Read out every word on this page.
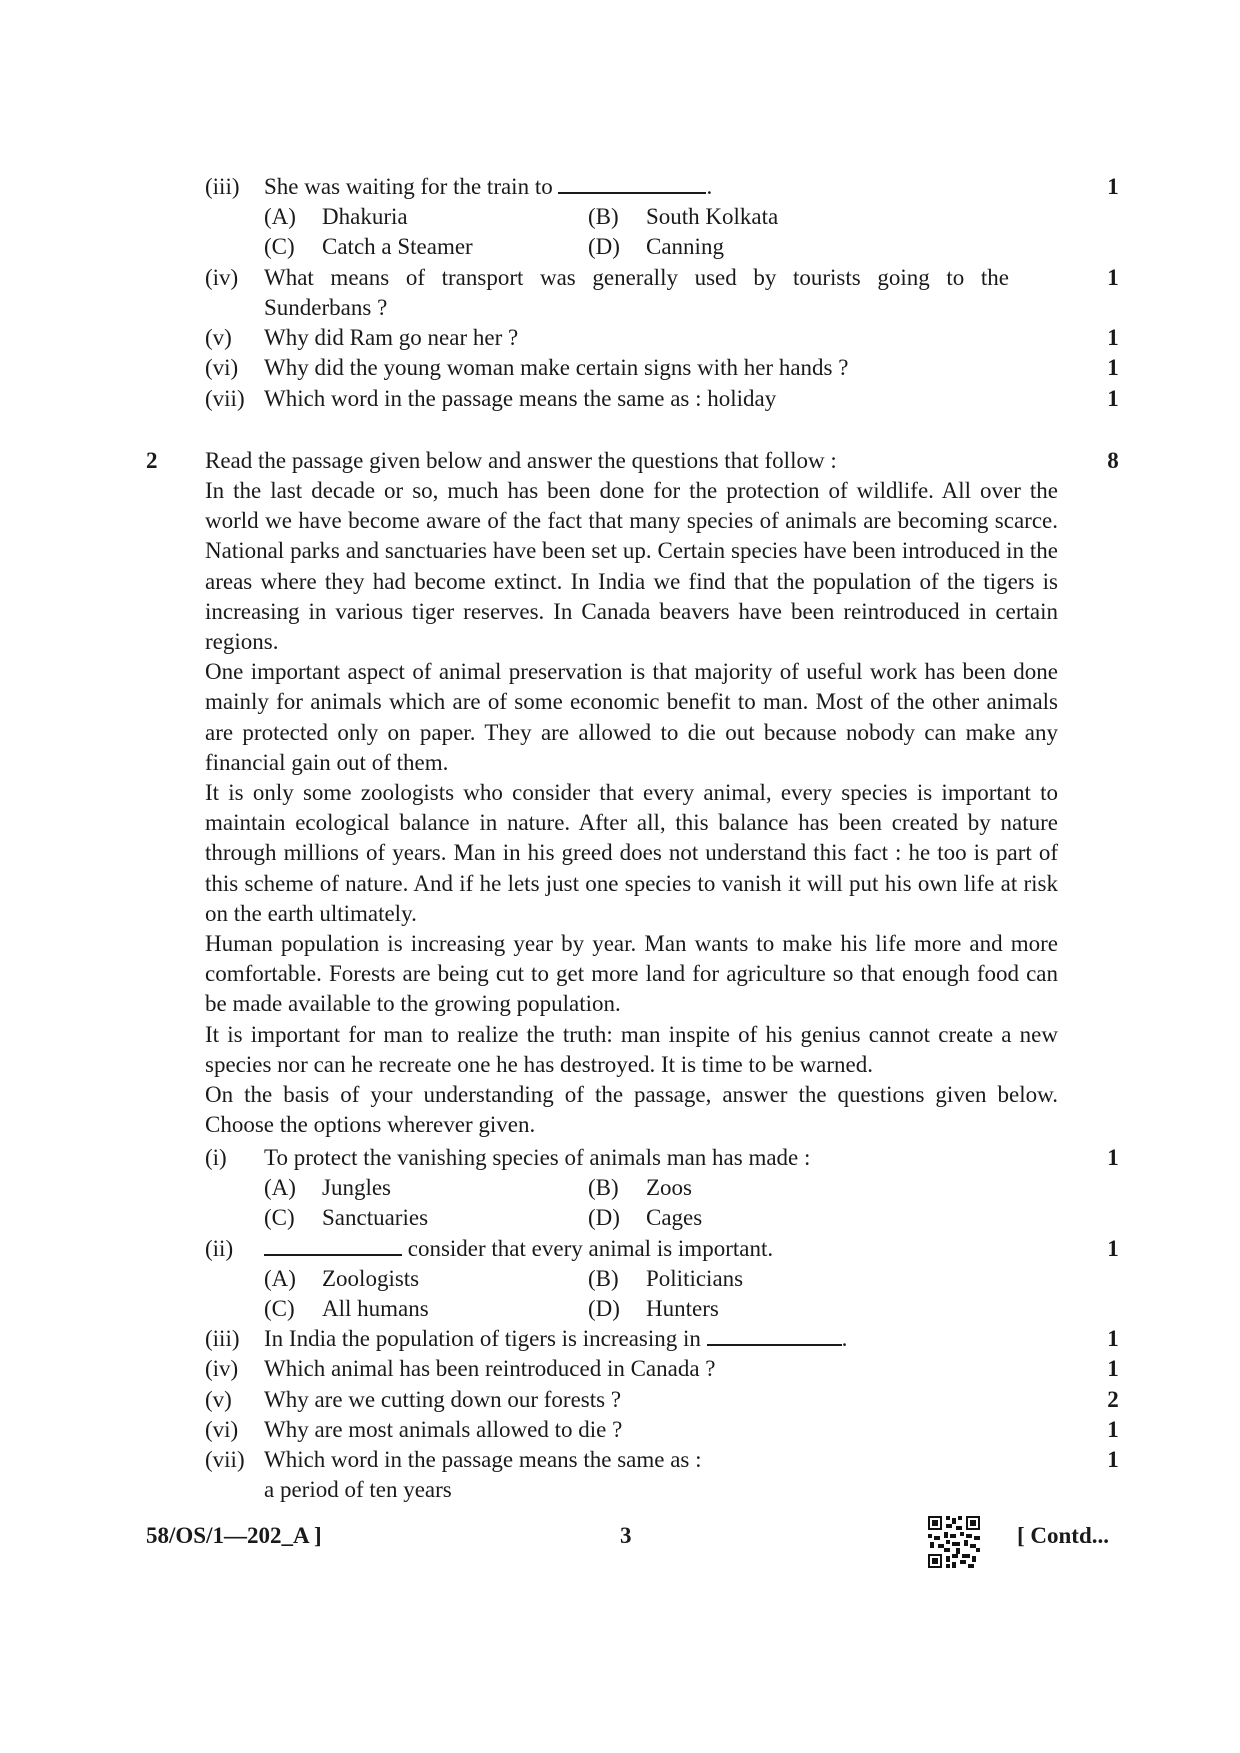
(iii) She was waiting for the train to	.	1
(A) Dhakuria	(B) South Kolkata
(C) Catch a Steamer	(D) Canning
(iv) What means of transport was generally used by tourists going to the
Sunderbans ?
1
(v) Why did Ram go near her ?	1
(vi) Why did the young woman make certain signs with her hands ?	1
(vii) Which word in the passage means the same as : holiday	1
2 Read the passage given below and answer the questions that follow :	8

In the last decade or so, much has been done for the protection of wildlife. All over the world we have become aware of the fact that many species of animals are becoming scarce. National parks and sanctuaries have been set up. Certain species have been introduced in the areas where they had become extinct. In India we find that the population of the tigers is increasing in various tiger reserves. In Canada beavers have been reintroduced in certain regions.

One important aspect of animal preservation is that majority of useful work has been done mainly for animals which are of some economic benefit to man. Most of the other animals are protected only on paper. They are allowed to die out because nobody can make any financial gain out of them.

It is only some zoologists who consider that every animal, every species is important to maintain ecological balance in nature. After all, this balance has been created by nature through millions of years. Man in his greed does not understand this fact : he too is part of this scheme of nature. And if he lets just one species to vanish it will put his own life at risk on the earth ultimately.

Human population is increasing year by year. Man wants to make his life more and more comfortable. Forests are being cut to get more land for agriculture so that enough food can be made available to the growing population.

It is important for man to realize the truth: man inspite of his genius cannot create a new species nor can he recreate one he has destroyed. It is time to be warned.

On the basis of your understanding of the passage, answer the questions given below. Choose the options wherever given.

(i) To protect the vanishing species of animals man has made :	1
(A) Jungles	(B) Zoos
(C) Sanctuaries	(D) Cages
(ii)	consider that every animal is important.	1
(A) Zoologists	(B) Politicians
(C) All humans	(D) Hunters
(iii) In India the population of tigers is increasing in	.	1
(iv) Which animal has been reintroduced in Canada ?	1
(v) Why are we cutting down our forests ?	2
(vi) Why are most animals allowed to die ?	1
(vii) Which word in the passage means the same as :
a period of ten years
1
58/OS/1—202_A ]	3	[ Contd...
